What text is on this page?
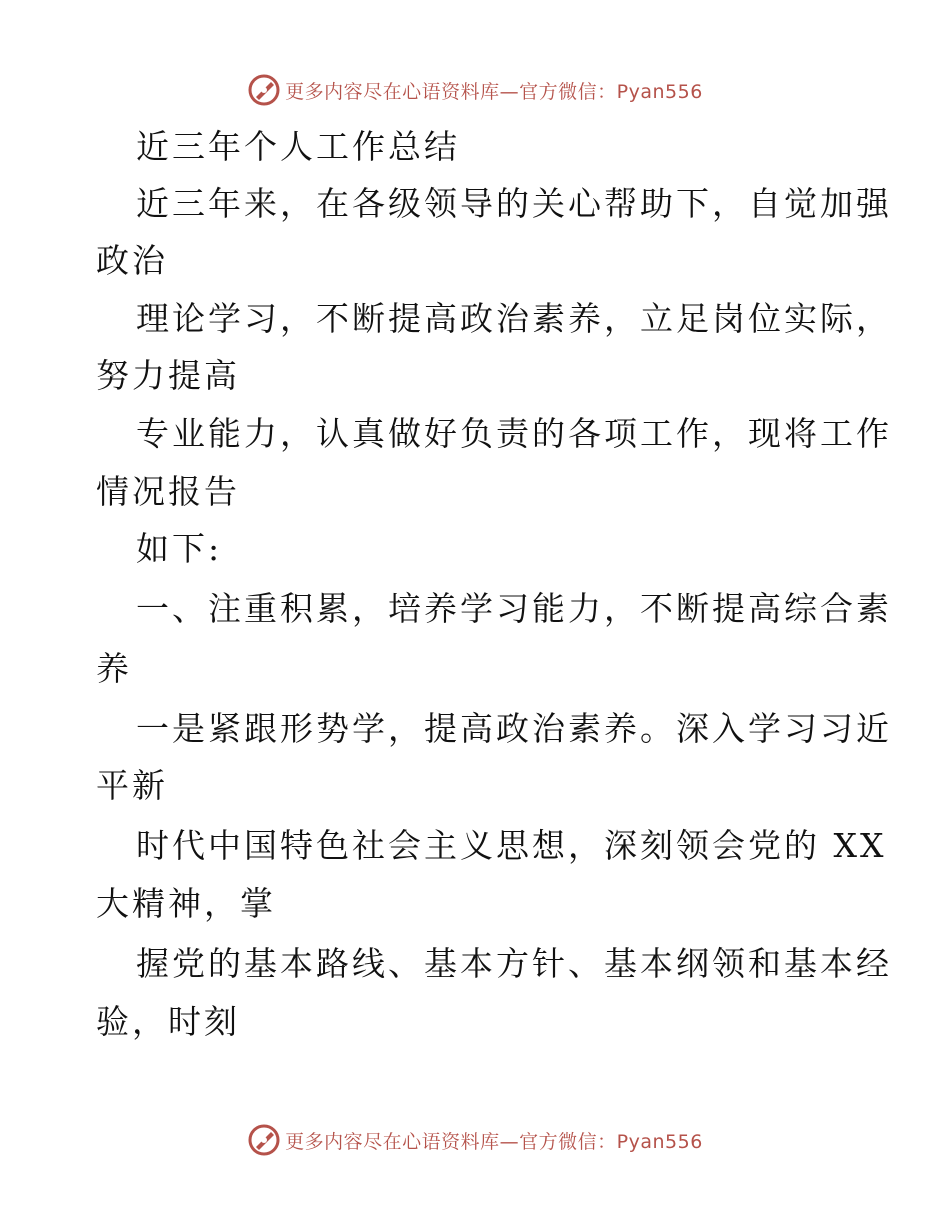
更多内容尽在心语资料库—官方微信：Pyan556
近三年个人工作总结
近三年来，在各级领导的关心帮助下，自觉加强
政治
理论学习，不断提高政治素养，立足岗位实际，
努力提高
专业能力，认真做好负责的各项工作，现将工作
情况报告
如下:
一、注重积累，培养学习能力，不断提高综合素
养
一是紧跟形势学，提高政治素养。深入学习习近
平新
时代中国特色社会主义思想，深刻领会党的 XX
大精神，掌
握党的基本路线、基本方针、基本纲领和基本经
验，时刻
更多内容尽在心语资料库—官方微信：Pyan556
